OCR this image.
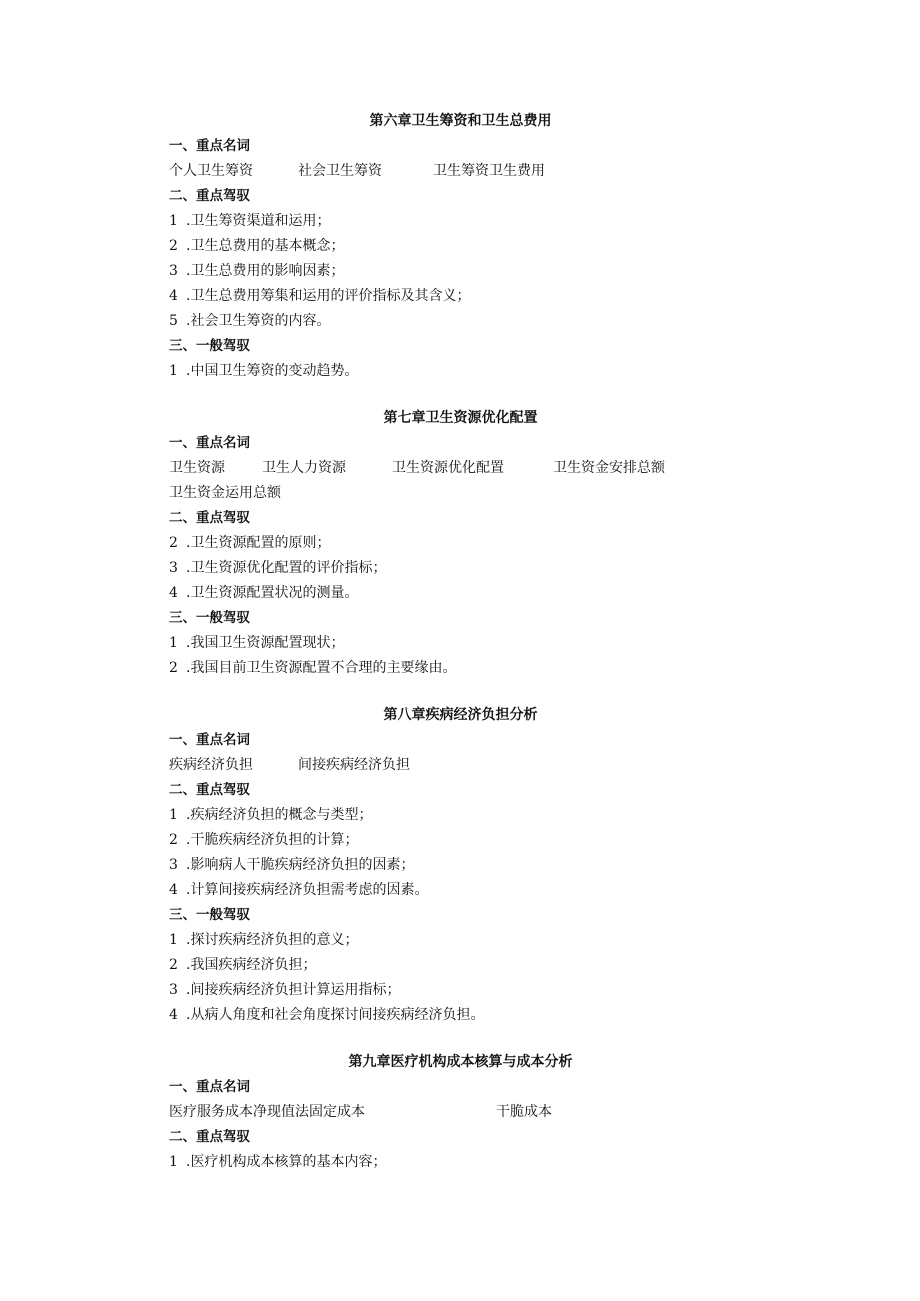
第六章卫生筹资和卫生总费用
一、重点名词
个人卫生筹资	社会卫生筹资	卫生筹资卫生费用
二、重点驾驭
1 .卫生筹资渠道和运用；
2 .卫生总费用的基本概念；
3 .卫生总费用的影响因素；
4 .卫生总费用筹集和运用的评价指标及其含义；
5 .社会卫生筹资的内容。
三、一般驾驭
1 .中国卫生筹资的变动趋势。
第七章卫生资源优化配置
一、重点名词
卫生资源	卫生人力资源	卫生资源优化配置	卫生资金安排总额
卫生资金运用总额
二、重点驾驭
2 .卫生资源配置的原则；
3 .卫生资源优化配置的评价指标；
4 .卫生资源配置状况的测量。
三、一般驾驭
1 .我国卫生资源配置现状；
2 .我国目前卫生资源配置不合理的主要缘由。
第八章疾病经济负担分析
一、重点名词
疾病经济负担	间接疾病经济负担
二、重点驾驭
1 .疾病经济负担的概念与类型；
2 .干脆疾病经济负担的计算；
3 .影响病人干脆疾病经济负担的因素；
4 .计算间接疾病经济负担需考虑的因素。
三、一般驾驭
1 .探讨疾病经济负担的意义；
2 .我国疾病经济负担；
3 .间接疾病经济负担计算运用指标；
4 .从病人角度和社会角度探讨间接疾病经济负担。
第九章医疗机构成本核算与成本分析
一、重点名词
医疗服务成本净现值法固定成本	干脆成本
二、重点驾驭
1 .医疗机构成本核算的基本内容；
